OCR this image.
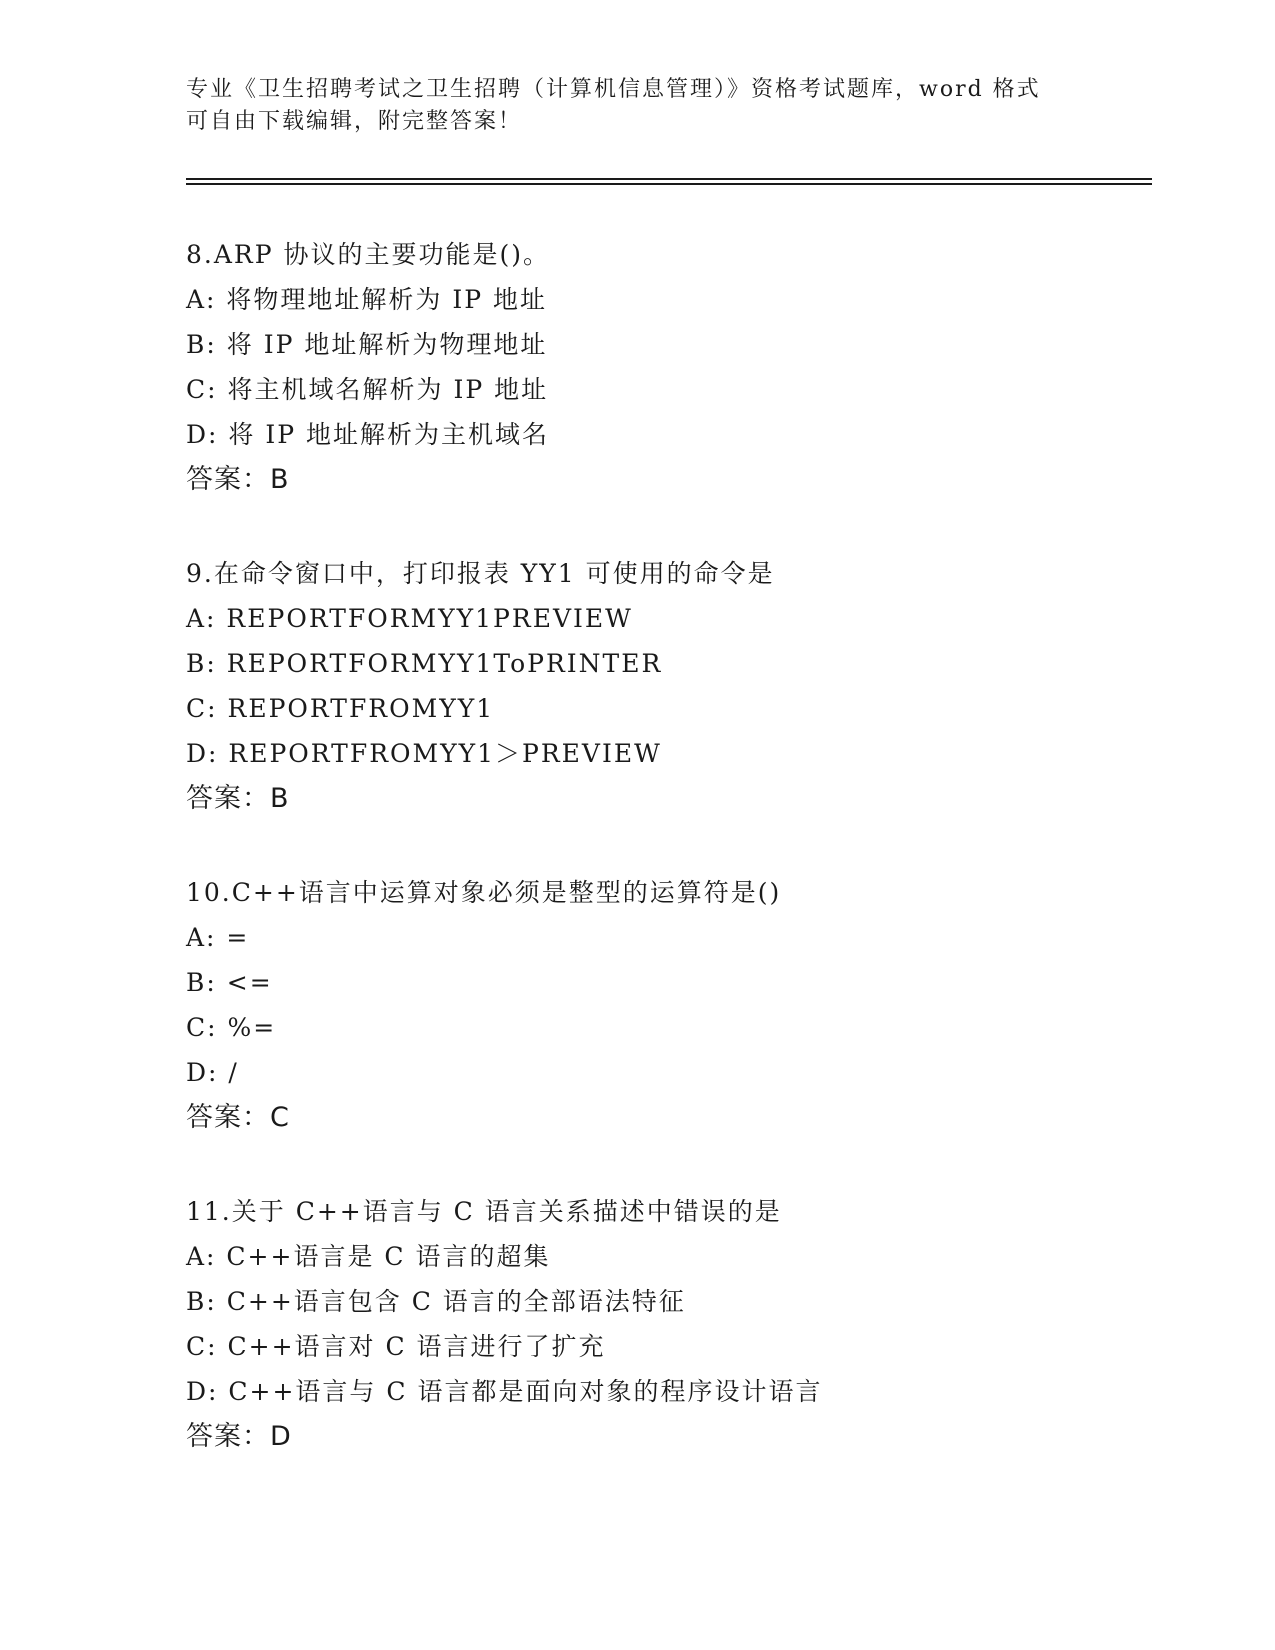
专业《卫生招聘考试之卫生招聘（计算机信息管理）》资格考试题库，word 格式

可自由下载编辑，附完整答案！

8.ARP 协议的主要功能是()。

A: 将物理地址解析为 IP 地址

B: 将 IP 地址解析为物理地址

C: 将主机域名解析为 IP 地址

D: 将 IP 地址解析为主机域名

答案：B

9.在命令窗口中，打印报表 YY1 可使用的命令是

A: REPORTFORMYY1PREVIEW

B: REPORTFORMYY1ToPRINTER

C: REPORTFROMYY1

D: REPORTFROMYY1＞PREVIEW

答案：B

10.C++语言中运算对象必须是整型的运算符是()

A: =

B: <=

C: %=

D: /

答案：C

11.关于 C++语言与 C 语言关系描述中错误的是

A: C++语言是 C 语言的超集

B: C++语言包含 C 语言的全部语法特征

C: C++语言对 C 语言进行了扩充

D: C++语言与 C 语言都是面向对象的程序设计语言

答案：D
